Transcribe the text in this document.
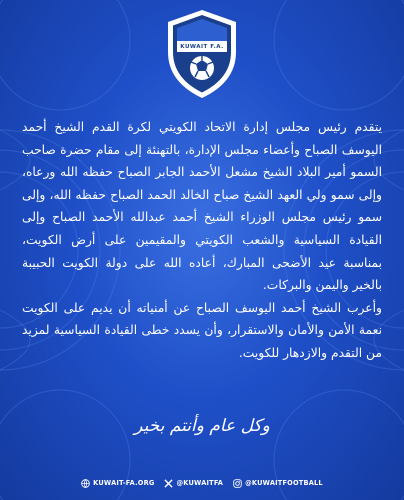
KUWAIT F.A.

يتقدم رئيس مجلس إدارة الاتحاد الكويتي لكرة القدم الشيخ أحمد اليوسف الصباح وأعضاء مجلس الإدارة، بالتهنئة إلى مقام حضرة صاحب السمو أمير البلاد الشيخ مشعل الأحمد الجابر الصباح حفظه الله ورعاه، وإلى سمو ولي العهد الشيخ صباح الخالد الحمد الصباح حفظه الله، وإلى سمو رئيس مجلس الوزراء الشيخ أحمد عبدالله الأحمد الصباح وإلى القيادة السياسية والشعب الكويتي والمقيمين على أرض الكويت، بمناسبة عيد الأضحى المبارك، أعاده الله على دولة الكويت الحبيبة بالخير واليمن والبركات.

وأعرب الشيخ أحمد اليوسف الصباح عن أمنياته أن يديم على الكويت نعمة الأمن والأمان والاستقرار، وأن يسدد خطى القيادة السياسية لمزيد من التقدم والازدهار للكويت.

وكل عام وأنتم بخير
KUWAIT-FA.ORG	@KUWAITFA	@KUWAITFOOTBALL
